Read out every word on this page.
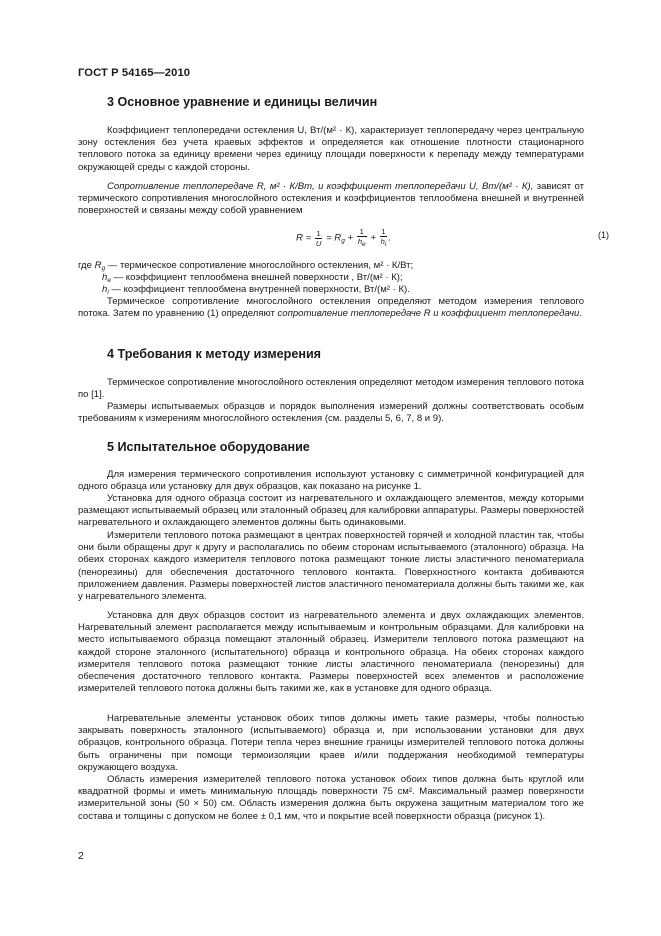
ГОСТ Р 54165—2010
3 Основное уравнение и единицы величин
Коэффициент теплопередачи остекления U, Вт/(м² · К), характеризует теплопередачу через центральную зону остекления без учета краевых эффектов и определяется как отношение плотности стационарного теплового потока за единицу времени через единицу площади поверхности к перепаду между температурами окружающей среды с каждой стороны.
Сопротивление теплопередаче R, м² · К/Вт, и коэффициент теплопередачи U, Вт/(м² · К), зависят от термического сопротивления многослойного остекления и коэффициентов теплообмена внешней и внутренней поверхностей и связаны между собой уравнением
$R = \frac{1}{U} = R_g + \frac{1}{he} + \frac{1}{hi}$ .	(1)
где $R_g$ — термическое сопротивление многослойного остекления, м² · К/Вт;
$h_e$ — коэффициент теплообмена внешней поверхности , Вт/(м² · К);
$h_i$ — коэффициент теплообмена внутренней поверхности, Вт/(м² · К).
Термическое сопротивление многослойного остекления определяют методом измерения теплового потока. Затем по уравнению (1) определяют сопротивление теплопередаче R и коэффициент теплопередачи.
4 Требования к методу измерения
Термическое сопротивление многослойного остекления определяют методом измерения теплового потока по [1].
Размеры испытываемых образцов и порядок выполнения измерений должны соответствовать особым требованиям к измерениям многослойного остекления (см. разделы 5, 6, 7, 8 и 9).
5 Испытательное оборудование
Для измерения термического сопротивления используют установку с симметричной конфигурацией для одного образца или установку для двух образцов, как показано на рисунке 1.
Установка для одного образца состоит из нагревательного и охлаждающего элементов, между которыми размещают испытываемый образец или эталонный образец для калибровки аппаратуры. Размеры поверхностей нагревательного и охлаждающего элементов должны быть одинаковыми.
Измерители теплового потока размещают в центрах поверхностей горячей и холодной пластин так, чтобы они были обращены друг к другу и располагались по обеим сторонам испытываемого (эталонного) образца. На обеих сторонах каждого измерителя теплового потока размещают тонкие листы эластичного пеноматериала (пенорезины) для обеспечения достаточного теплового контакта. Поверхностного контакта добиваются приложением давления. Размеры поверхностей листов эластичного пеноматериала должны быть такими же, как у нагревательного элемента.
Установка для двух образцов состоит из нагревательного элемента и двух охлаждающих элементов. Нагревательный элемент располагается между испытываемым и контрольным образцами. Для калибровки на место испытываемого образца помещают эталонный образец. Измерители теплового потока размещают на каждой стороне эталонного (испытательного) образца и контрольного образца. На обеих сторонах каждого измерителя теплового потока размещают тонкие листы эластичного пеноматериала (пенорезины) для обеспечения достаточного теплового контакта. Размеры поверхностей всех элементов и расположение измерителей теплового потока должны быть такими же, как в установке для одного образца.
Нагревательные элементы установок обоих типов должны иметь такие размеры, чтобы полностью закрывать поверхность эталонного (испытываемого) образца и, при использовании установки для двух образцов, контрольного образца. Потери тепла через внешние границы измерителей теплового потока должны быть ограничены при помощи термоизоляции краев и/или поддержания необходимой температуры окружающего воздуха.
Область измерения измерителей теплового потока установок обоих типов должна быть круглой или квадратной формы и иметь минимальную площадь поверхности 75 см². Максимальный размер поверхности измерительной зоны (50 × 50) см. Область измерения должна быть окружена защитным материалом того же состава и толщины с допуском не более ± 0,1 мм, что и покрытие всей поверхности образца (рисунок 1).
2
